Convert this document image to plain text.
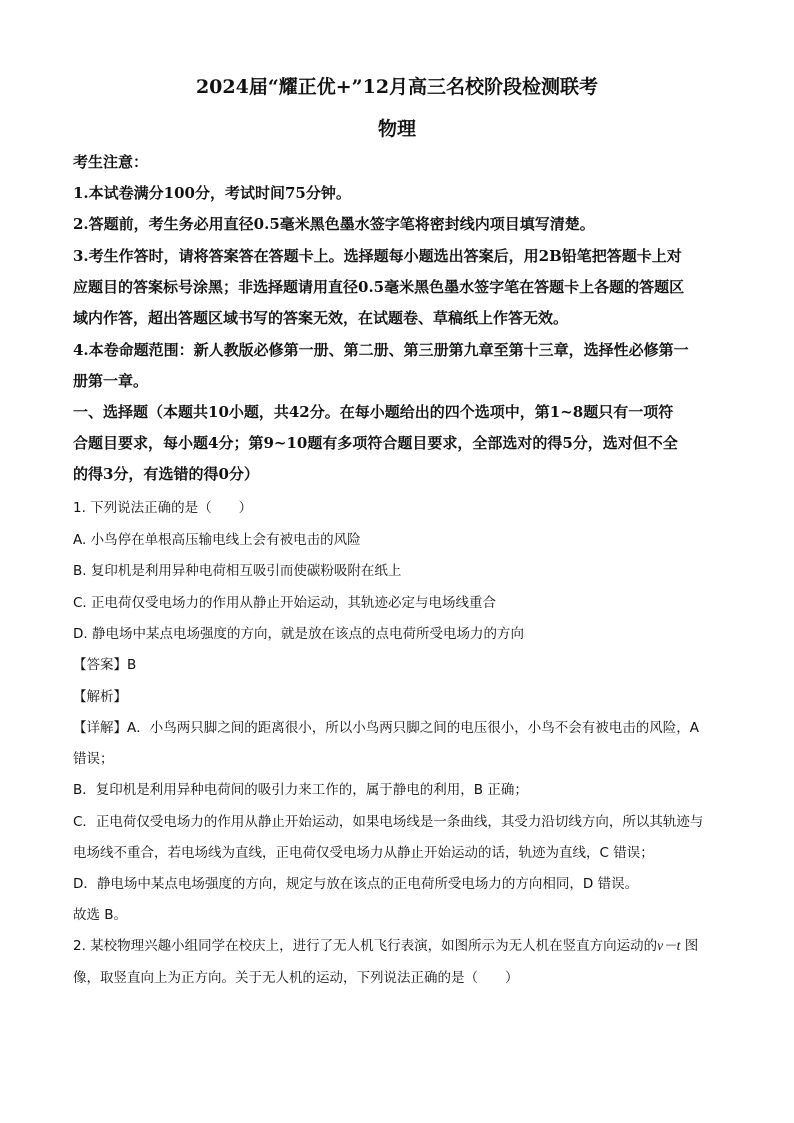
2024届“耀正优+”12月高三名校阶段检测联考
物理
考生注意：
1.本试卷满分100分，考试时间75分钟。
2.答题前，考生务必用直径0.5毫米黑色墨水签字笔将密封线内项目填写清楚。
3.考生作答时，请将答案答在答题卡上。选择题每小题选出答案后，用2B铅笔把答题卡上对
应题目的答案标号涂黑；非选择题请用直径0.5毫米黑色墨水签字笔在答题卡上各题的答题区
域内作答，超出答题区域书写的答案无效，在试题卷、草稿纸上作答无效。
4.本卷命题范围：新人教版必修第一册、第二册、第三册第九章至第十三章，选择性必修第一
册第一章。
一、选择题（本题共10小题，共42分。在每小题给出的四个选项中，第1~8题只有一项符
合题目要求，每小题4分；第9~10题有多项符合题目要求，全部选对的得5分，选对但不全
的得3分，有选错的得0分）
1. 下列说法正确的是（　　）
A. 小鸟停在单根高压输电线上会有被电击的风险
B. 复印机是利用异种电荷相互吸引而使碳粉吸附在纸上
C. 正电荷仅受电场力的作用从静止开始运动，其轨迹必定与电场线重合
D. 静电场中某点电场强度的方向，就是放在该点的点电荷所受电场力的方向
【答案】B
【解析】
【详解】A．小鸟两只脚之间的距离很小，所以小鸟两只脚之间的电压很小，小鸟不会有被电击的风险，A
错误；
B．复印机是利用异种电荷间的吸引力来工作的，属于静电的利用，B 正确；
C．正电荷仅受电场力的作用从静止开始运动，如果电场线是一条曲线，其受力沿切线方向，所以其轨迹与
电场线不重合，若电场线为直线，正电荷仅受电场力从静止开始运动的话，轨迹为直线，C 错误；
D．静电场中某点电场强度的方向，规定与放在该点的正电荷所受电场力的方向相同，D 错误。
故选 B。
2. 某校物理兴趣小组同学在校庆上，进行了无人机飞行表演，如图所示为无人机在竖直方向运动的v－t 图
像，取竖直向上为正方向。关于无人机的运动，下列说法正确的是（　　）
